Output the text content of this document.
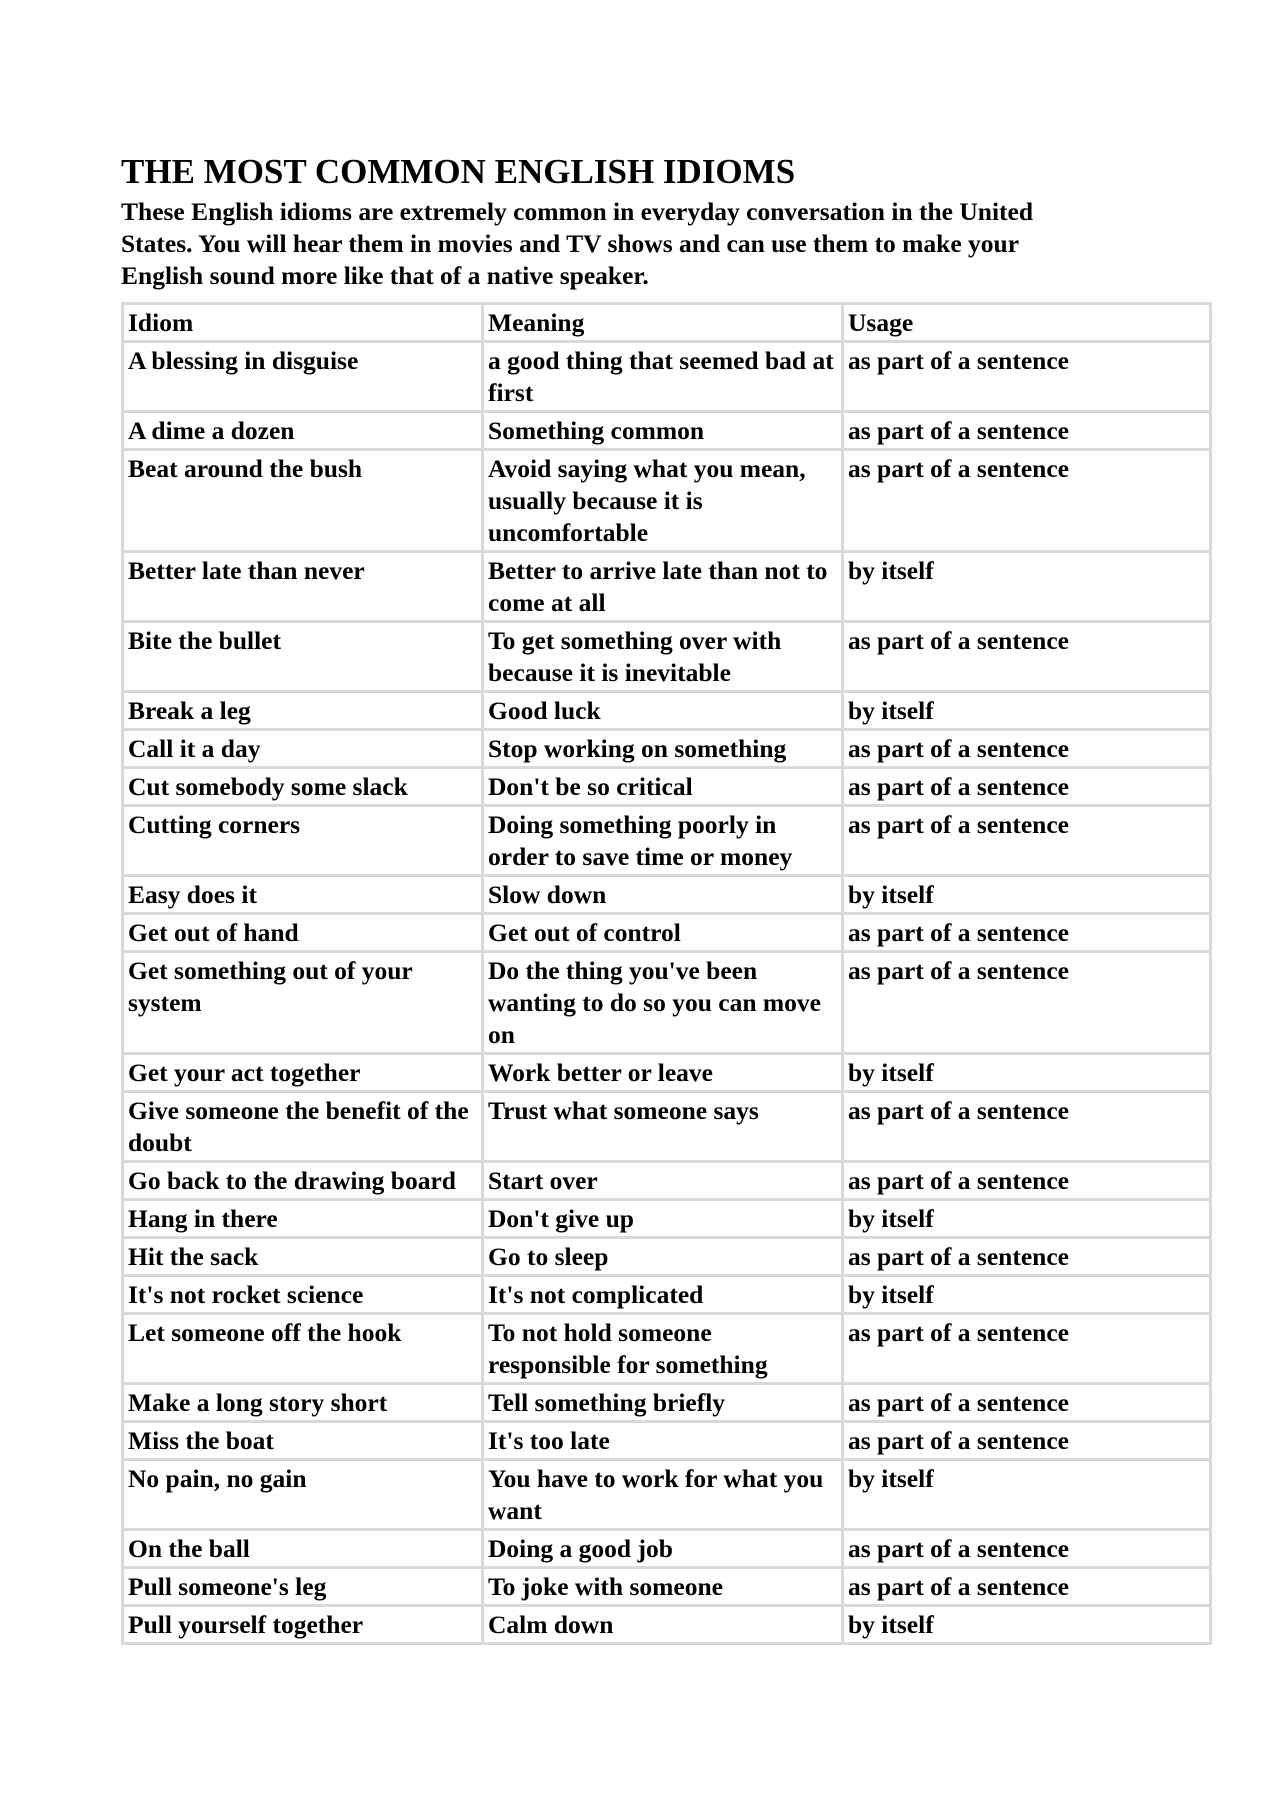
THE MOST COMMON ENGLISH IDIOMS

These English idioms are extremely common in everyday conversation in the United States. You will hear them in movies and TV shows and can use them to make your English sound more like that of a native speaker.

Idiom	Meaning	Usage
A blessing in disguise	a good thing that seemed bad at first	as part of a sentence
A dime a dozen	Something common	as part of a sentence
Beat around the bush	Avoid saying what you mean, usually because it is uncomfortable	as part of a sentence
Better late than never	Better to arrive late than not to come at all	by itself
Bite the bullet	To get something over with because it is inevitable	as part of a sentence
Break a leg	Good luck	by itself
Call it a day	Stop working on something	as part of a sentence
Cut somebody some slack	Don't be so critical	as part of a sentence
Cutting corners	Doing something poorly in order to save time or money	as part of a sentence
Easy does it	Slow down	by itself
Get out of hand	Get out of control	as part of a sentence
Get something out of your system	Do the thing you've been wanting to do so you can move on	as part of a sentence
Get your act together	Work better or leave	by itself
Give someone the benefit of the doubt	Trust what someone says	as part of a sentence
Go back to the drawing board	Start over	as part of a sentence
Hang in there	Don't give up	by itself
Hit the sack	Go to sleep	as part of a sentence
It's not rocket science	It's not complicated	by itself
Let someone off the hook	To not hold someone responsible for something	as part of a sentence
Make a long story short	Tell something briefly	as part of a sentence
Miss the boat	It's too late	as part of a sentence
No pain, no gain	You have to work for what you want	by itself
On the ball	Doing a good job	as part of a sentence
Pull someone's leg	To joke with someone	as part of a sentence
Pull yourself together	Calm down	by itself
